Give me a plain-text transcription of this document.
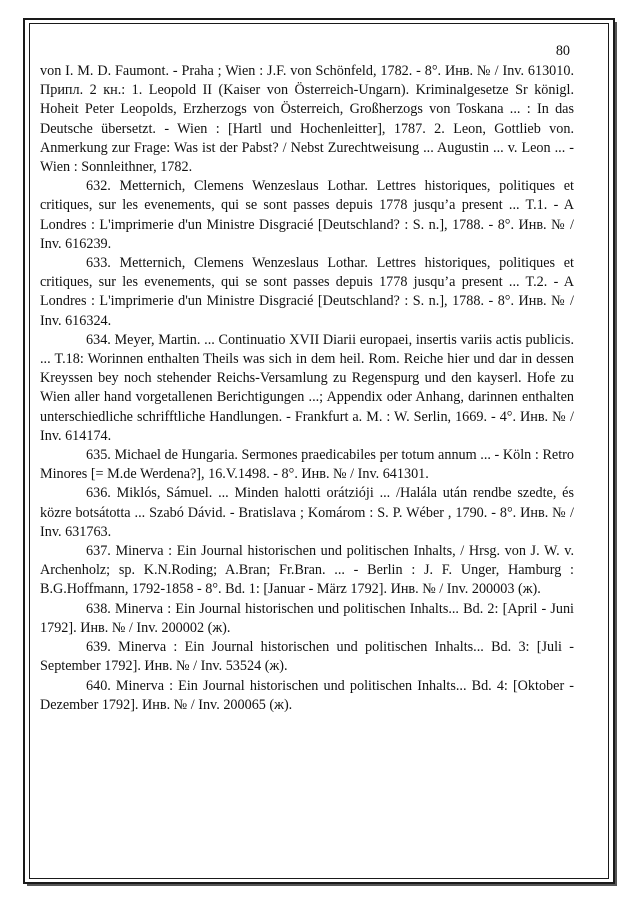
80

von I. M. D. Faumont. - Praha ; Wien : J.F. von Schönfeld, 1782. - 8°. Инв. № / Inv. 613010. Припл. 2 кн.: 1. Leopold II (Kaiser von Österreich-Ungarn). Kriminalgesetze Sr königl. Hoheit Peter Leopolds, Erzherzogs von Österreich, Großherzogs von Toskana ... : In das Deutsche übersetzt. - Wien : [Hartl und Hochenleitter], 1787. 2. Leon, Gottlieb von. Anmerkung zur Frage: Was ist der Pabst? / Nebst Zurechtweisung ... Augustin ... v. Leon ... - Wien : Sonnleithner, 1782.

632. Metternich, Clemens Wenzeslaus Lothar. Lettres historiques, politiques et critiques, sur les evenements, qui se sont passes depuis 1778 jusqu’a present ... T.1. - A Londres : L'imprimerie d'un Ministre Disgracié [Deutschland? : S. n.], 1788. - 8°. Инв. № / Inv. 616239.

633. Metternich, Clemens Wenzeslaus Lothar. Lettres historiques, politiques et critiques, sur les evenements, qui se sont passes depuis 1778 jusqu’a present ... T.2. - A Londres : L'imprimerie d'un Ministre Disgracié [Deutschland? : S. n.], 1788. - 8°. Инв. № / Inv. 616324.

634. Meyer, Martin. ... Continuatio XVII Diarii europaei, insertis variis actis publicis. ... T.18: Worinnen enthalten Theils was sich in dem heil. Rom. Reiche hier und dar in dessen Kreyssen bey noch stehender Reichs-Versamlung zu Regenspurg und den kayserl. Hofe zu Wien aller hand vorgetallenen Berichtigungen ...; Appendix oder Anhang, darinnen enthalten unterschiedliche schrifftliche Handlungen. - Frankfurt a. M. : W. Serlin, 1669. - 4°. Инв. № / Inv. 614174.

635. Michael de Hungaria. Sermones praedicabiles per totum annum ... - Köln : Retro Minores [= M.de Werdena?], 16.V.1498. - 8°. Инв. № / Inv. 641301.

636. Miklós, Sámuel. ... Minden halotti orátzióji ... /Halála után rendbe szedte, és közre botsátotta ... Szabó Dávid. - Bratislava ; Komárom : S. P. Wéber , 1790. - 8°. Инв. № / Inv. 631763.

637. Minerva : Ein Journal historischen und politischen Inhalts, / Hrsg. von J. W. v. Archenholz; sp. K.N.Roding; A.Bran; Fr.Bran. ... - Berlin : J. F. Unger, Hamburg : B.G.Hoffmann, 1792-1858 - 8°. Bd. 1: [Januar - März 1792]. Инв. № / Inv. 200003 (ж).

638. Minerva : Ein Journal historischen und politischen Inhalts... Bd. 2: [April - Juni 1792]. Инв. № / Inv. 200002 (ж).

639. Minerva : Ein Journal historischen und politischen Inhalts... Bd. 3: [Juli - September 1792]. Инв. № / Inv. 53524 (ж).

640. Minerva : Ein Journal historischen und politischen Inhalts... Bd. 4: [Oktober - Dezember 1792]. Инв. № / Inv. 200065 (ж).
